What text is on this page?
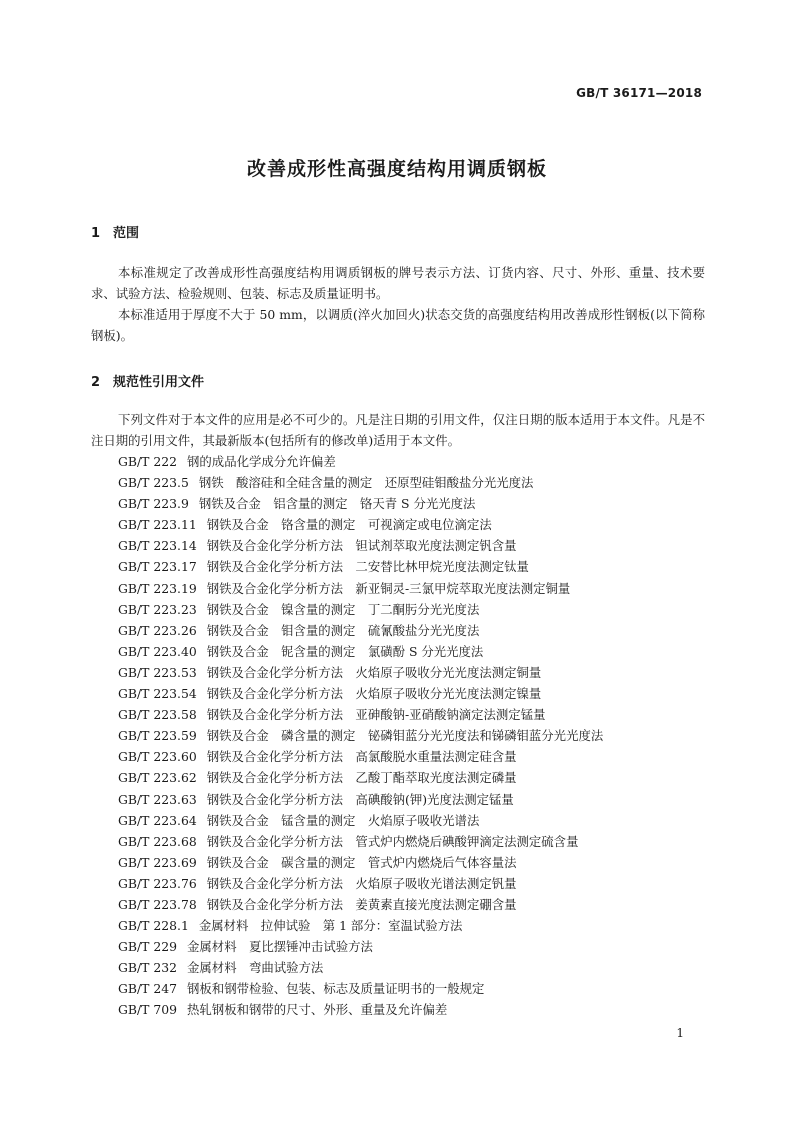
GB/T 36171—2018
改善成形性高强度结构用调质钢板
1 范围

本标准规定了改善成形性高强度结构用调质钢板的牌号表示方法、订货内容、尺寸、外形、重量、技术要求、试验方法、检验规则、包装、标志及质量证明书。

本标准适用于厚度不大于 50 mm，以调质(淬火加回火)状态交货的高强度结构用改善成形性钢板(以下简称钢板)。

2 规范性引用文件

下列文件对于本文件的应用是必不可少的。凡是注日期的引用文件，仅注日期的版本适用于本文件。凡是不注日期的引用文件，其最新版本(包括所有的修改单)适用于本文件。

GB/T 222 钢的成品化学成分允许偏差
GB/T 223.5 钢铁　酸溶硅和全硅含量的测定　还原型硅钼酸盐分光光度法
GB/T 223.9 钢铁及合金　铝含量的测定　铬天青 S 分光光度法
GB/T 223.11 钢铁及合金　铬含量的测定　可视滴定或电位滴定法
GB/T 223.14 钢铁及合金化学分析方法　钽试剂萃取光度法测定钒含量
GB/T 223.17 钢铁及合金化学分析方法　二安替比林甲烷光度法测定钛量
GB/T 223.19 钢铁及合金化学分析方法　新亚铜灵-三氯甲烷萃取光度法测定铜量
GB/T 223.23 钢铁及合金　镍含量的测定　丁二酮肟分光光度法
GB/T 223.26 钢铁及合金　钼含量的测定　硫氰酸盐分光光度法
GB/T 223.40 钢铁及合金　铌含量的测定　氯磺酚 S 分光光度法
GB/T 223.53 钢铁及合金化学分析方法　火焰原子吸收分光光度法测定铜量
GB/T 223.54 钢铁及合金化学分析方法　火焰原子吸收分光光度法测定镍量
GB/T 223.58 钢铁及合金化学分析方法　亚砷酸钠-亚硝酸钠滴定法测定锰量
GB/T 223.59 钢铁及合金　磷含量的测定　铋磷钼蓝分光光度法和锑磷钼蓝分光光度法
GB/T 223.60 钢铁及合金化学分析方法　高氯酸脱水重量法测定硅含量
GB/T 223.62 钢铁及合金化学分析方法　乙酸丁酯萃取光度法测定磷量
GB/T 223.63 钢铁及合金化学分析方法　高碘酸钠(钾)光度法测定锰量
GB/T 223.64 钢铁及合金　锰含量的测定　火焰原子吸收光谱法
GB/T 223.68 钢铁及合金化学分析方法　管式炉内燃烧后碘酸钾滴定法测定硫含量
GB/T 223.69 钢铁及合金　碳含量的测定　管式炉内燃烧后气体容量法
GB/T 223.76 钢铁及合金化学分析方法　火焰原子吸收光谱法测定钒量
GB/T 223.78 钢铁及合金化学分析方法　姜黄素直接光度法测定硼含量
GB/T 228.1 金属材料　拉伸试验　第 1 部分：室温试验方法
GB/T 229 金属材料　夏比摆锤冲击试验方法
GB/T 232 金属材料　弯曲试验方法
GB/T 247 钢板和钢带检验、包装、标志及质量证明书的一般规定
GB/T 709 热轧钢板和钢带的尺寸、外形、重量及允许偏差
1
